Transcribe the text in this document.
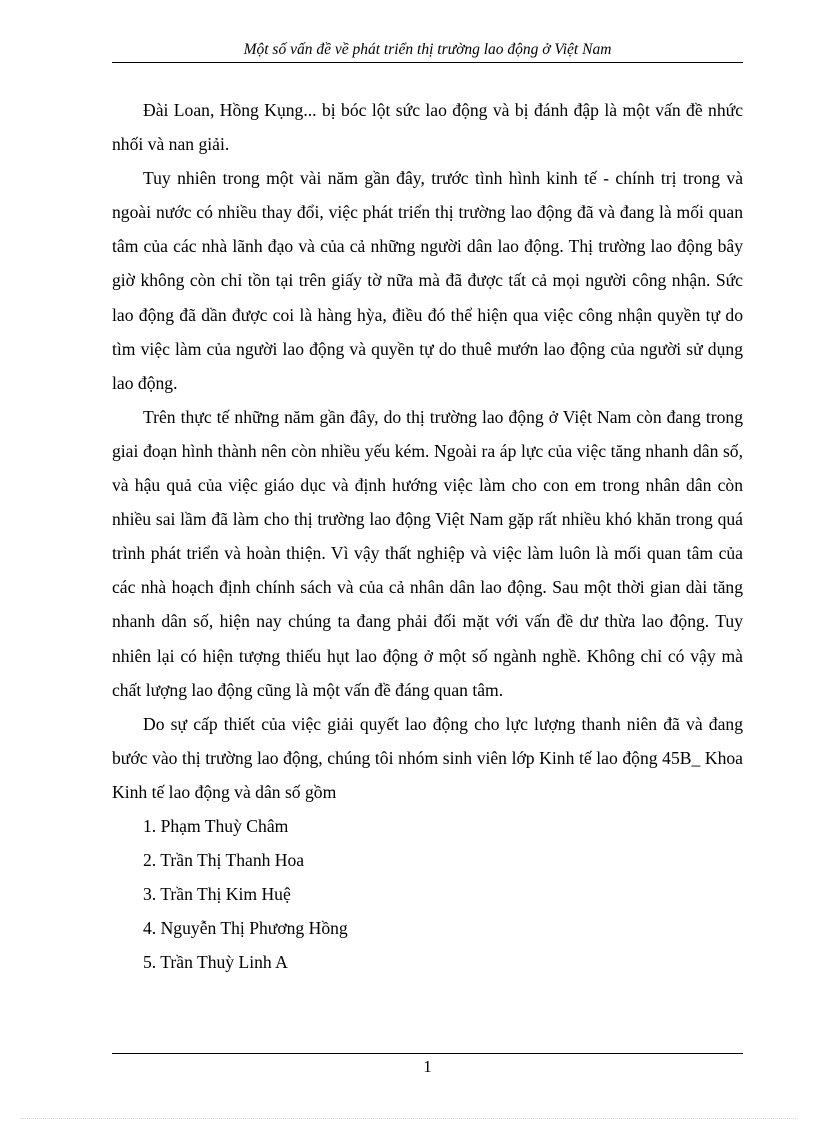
Một số vấn đề về phát triển thị trường lao động ở Việt Nam

Đài Loan, Hồng Kụng... bị bóc lột sức lao động và bị đánh đập là một vấn đề nhức nhối và nan giải.

Tuy nhiên trong một vài năm gần đây, trước tình hình kinh tế - chính trị trong và ngoài nước có nhiều thay đổi, việc phát triển thị trường lao động đã và đang là mối quan tâm của các nhà lãnh đạo và của cả những người dân lao động. Thị trường lao động bây giờ không còn chỉ tồn tại trên giấy tờ nữa mà đã được tất cả mọi người công nhận. Sức lao động đã dần được coi là hàng hỳa, điều đó thể hiện qua việc công nhận quyền tự do tìm việc làm của người lao động và quyền tự do thuê mướn lao động của người sử dụng lao động.

Trên thực tế những năm gần đây, do thị trường lao động ở Việt Nam còn đang trong giai đoạn hình thành nên còn nhiều yếu kém. Ngoài ra áp lực của việc tăng nhanh dân số, và hậu quả của việc giáo dục và định hướng việc làm cho con em trong nhân dân còn nhiều sai lầm đã làm cho thị trường lao động Việt Nam gặp rất nhiều khó khăn trong quá trình phát triển và hoàn thiện. Vì vậy thất nghiệp và việc làm luôn là mối quan tâm của các nhà hoạch định chính sách và của cả nhân dân lao động. Sau một thời gian dài tăng nhanh dân số, hiện nay chúng ta đang phải đối mặt với vấn đề dư thừa lao động. Tuy nhiên lại có hiện tượng thiếu hụt lao động ở một số ngành nghề. Không chỉ có vậy mà chất lượng lao động cũng là một vấn đề đáng quan tâm.

Do sự cấp thiết của việc giải quyết lao động cho lực lượng thanh niên đã và đang bước vào thị trường lao động, chúng tôi nhóm sinh viên lớp Kinh tế lao động 45B_ Khoa Kinh tế lao động và dân số gồm

1. Phạm Thuỳ Châm
2. Trần Thị Thanh Hoa
3. Trần Thị Kim Huệ
4. Nguyễn Thị Phương Hồng
5. Trần Thuỳ Linh A
1
